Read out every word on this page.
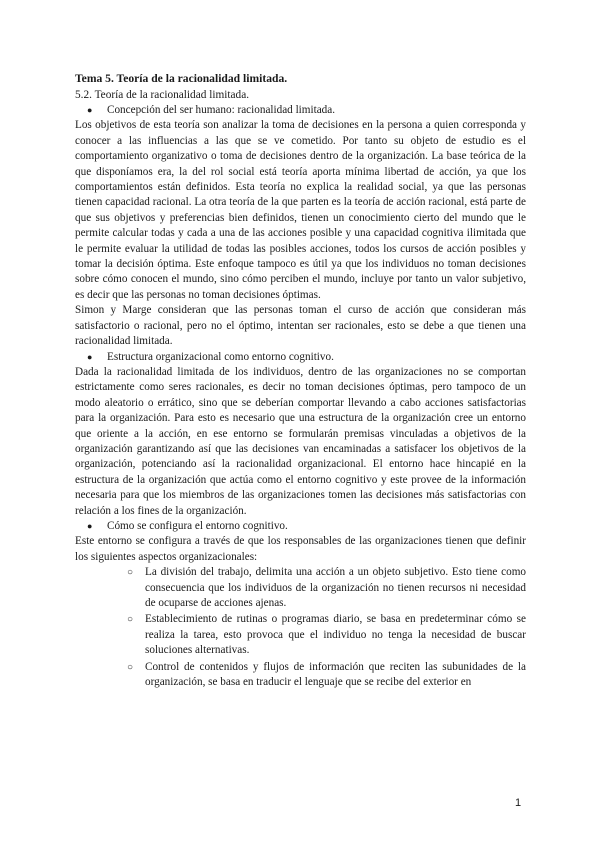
Tema 5. Teoría de la racionalidad limitada.

5.2. Teoría de la racionalidad limitada.

● Concepción del ser humano: racionalidad limitada.

Los objetivos de esta teoría son analizar la toma de decisiones en la persona a quien corresponda y conocer a las influencias a las que se ve cometido. Por tanto su objeto de estudio es el comportamiento organizativo o toma de decisiones dentro de la organización. La base teórica de la que disponíamos era, la del rol social está teoría aporta mínima libertad de acción, ya que los comportamientos están definidos. Esta teoría no explica la realidad social, ya que las personas tienen capacidad racional. La otra teoría de la que parten es la teoría de acción racional, está parte de que sus objetivos y preferencias bien definidos, tienen un conocimiento cierto del mundo que le permite calcular todas y cada a una de las acciones posible y una capacidad cognitiva ilimitada que le permite evaluar la utilidad de todas las posibles acciones, todos los cursos de acción posibles y tomar la decisión óptima. Este enfoque tampoco es útil ya que los individuos no toman decisiones sobre cómo conocen el mundo, sino cómo perciben el mundo, incluye por tanto un valor subjetivo, es decir que las personas no toman decisiones óptimas.

Simon y Marge consideran que las personas toman el curso de acción que consideran más satisfactorio o racional, pero no el óptimo, intentan ser racionales, esto se debe a que tienen una racionalidad limitada.

● Estructura organizacional como entorno cognitivo.

Dada la racionalidad limitada de los individuos, dentro de las organizaciones no se comportan estrictamente como seres racionales, es decir no toman decisiones óptimas, pero tampoco de un modo aleatorio o errático, sino que se deberían comportar llevando a cabo acciones satisfactorias para la organización. Para esto es necesario que una estructura de la organización cree un entorno que oriente a la acción, en ese entorno se formularán premisas vinculadas a objetivos de la organización garantizando así que las decisiones van encaminadas a satisfacer los objetivos de la organización, potenciando así la racionalidad organizacional. El entorno hace hincapié en la estructura de la organización que actúa como el entorno cognitivo y este provee de la información necesaria para que los miembros de las organizaciones tomen las decisiones más satisfactorias con relación a los fines de la organización.

● Cómo se configura el entorno cognitivo.

Este entorno se configura a través de que los responsables de las organizaciones tienen que definir los siguientes aspectos organizacionales:

○ La división del trabajo, delimita una acción a un objeto subjetivo. Esto tiene como consecuencia que los individuos de la organización no tienen recursos ni necesidad de ocuparse de acciones ajenas.

○ Establecimiento de rutinas o programas diario, se basa en predeterminar cómo se realiza la tarea, esto provoca que el individuo no tenga la necesidad de buscar soluciones alternativas.

○ Control de contenidos y flujos de información que reciten las subunidades de la organización, se basa en traducir el lenguaje que se recibe del exterior en

1
